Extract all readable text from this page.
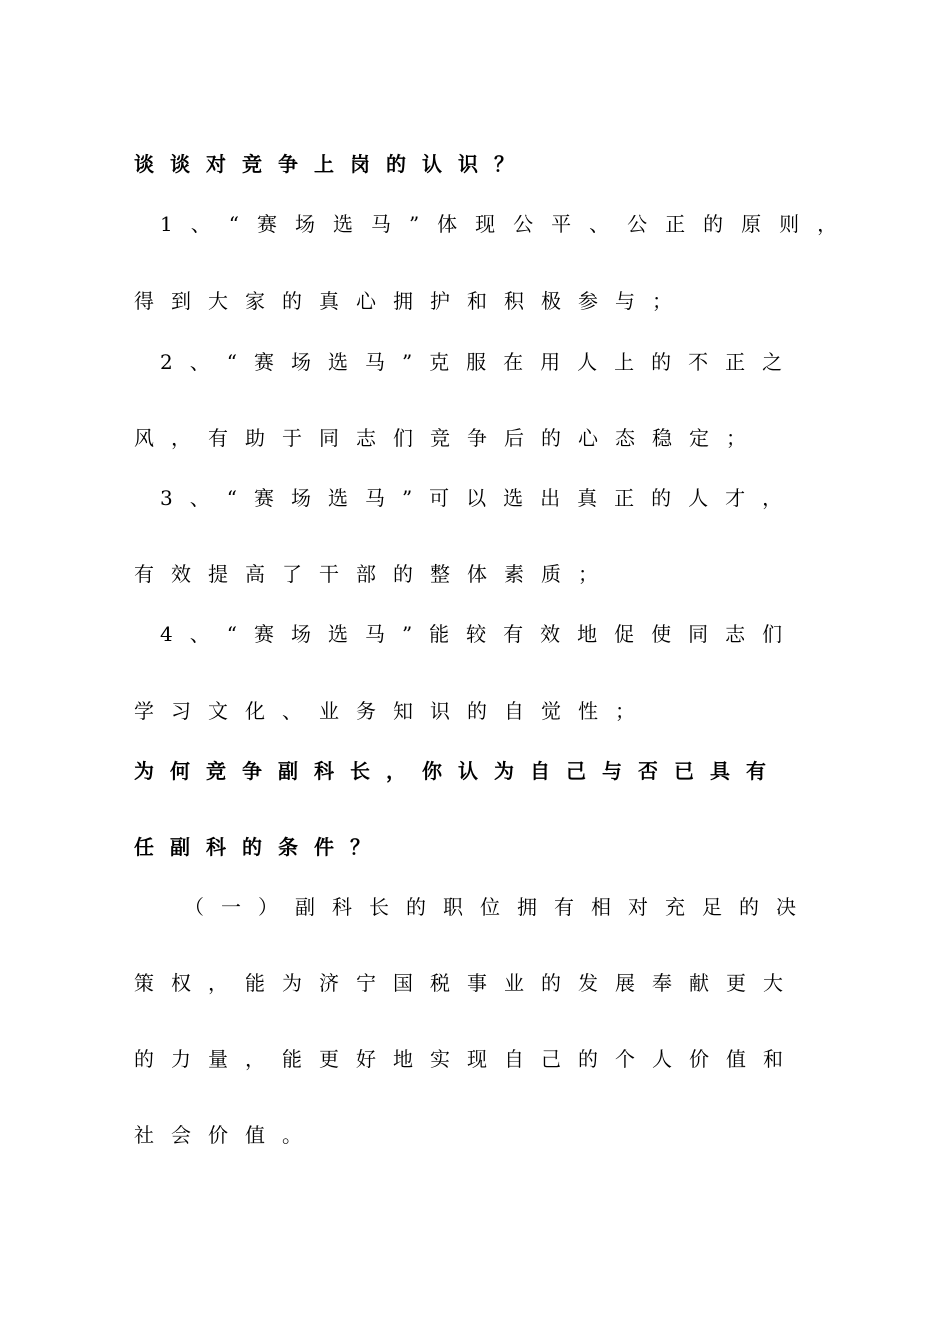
谈谈对竞争上岗的认识？
1、“赛场选马”体现公平、公正的原则，
得到大家的真心拥护和积极参与；
2、“赛场选马”克服在用人上的不正之
风，有助于同志们竞争后的心态稳定；
3、“赛场选马”可以选出真正的人才，
有效提高了干部的整体素质；
4、“赛场选马”能较有效地促使同志们
学习文化、业务知识的自觉性；
为何竞争副科长，你认为自己与否已具有
任副科的条件？
（一）副科长的职位拥有相对充足的决
策权，能为济宁国税事业的发展奉献更大
的力量，能更好地实现自己的个人价值和
社会价值。
